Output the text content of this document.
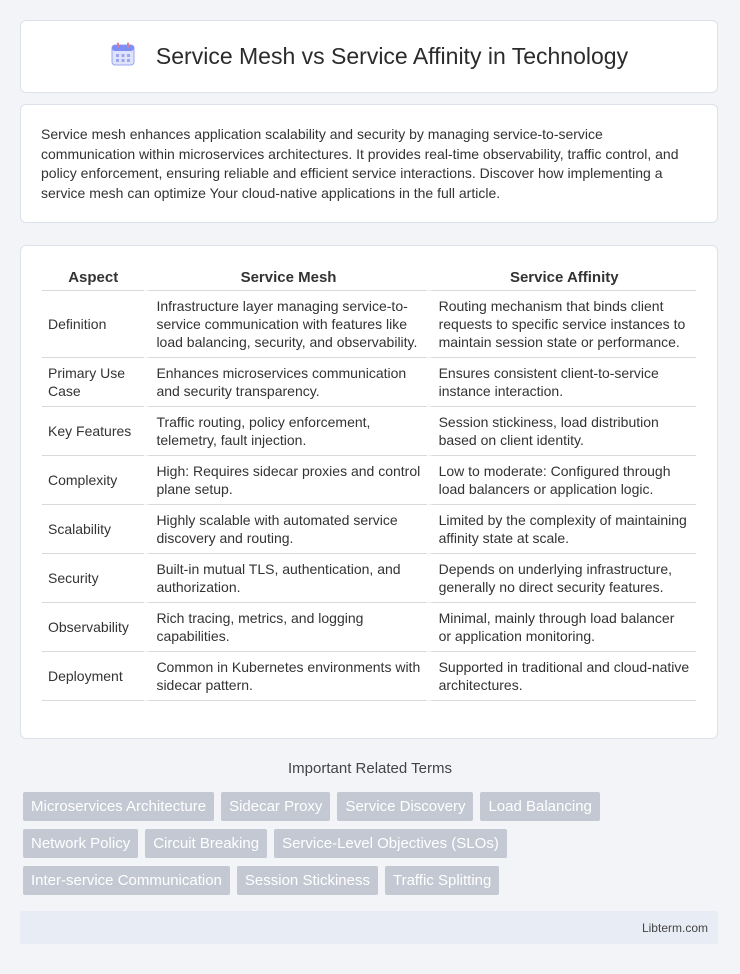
Service Mesh vs Service Affinity in Technology

Service mesh enhances application scalability and security by managing service-to-service communication within microservices architectures. It provides real-time observability, traffic control, and policy enforcement, ensuring reliable and efficient service interactions. Discover how implementing a service mesh can optimize Your cloud-native applications in the full article.

Aspect	Service Mesh	Service Affinity
Definition	Infrastructure layer managing service-to-service communication with features like load balancing, security, and observability.	Routing mechanism that binds client requests to specific service instances to maintain session state or performance.
Primary Use Case	Enhances microservices communication and security transparency.	Ensures consistent client-to-service instance interaction.
Key Features	Traffic routing, policy enforcement, telemetry, fault injection.	Session stickiness, load distribution based on client identity.
Complexity	High: Requires sidecar proxies and control plane setup.	Low to moderate: Configured through load balancers or application logic.
Scalability	Highly scalable with automated service discovery and routing.	Limited by the complexity of maintaining affinity state at scale.
Security	Built-in mutual TLS, authentication, and authorization.	Depends on underlying infrastructure, generally no direct security features.
Observability	Rich tracing, metrics, and logging capabilities.	Minimal, mainly through load balancer or application monitoring.
Deployment	Common in Kubernetes environments with sidecar pattern.	Supported in traditional and cloud-native architectures.
Important Related Terms
Microservices Architecture	Sidecar Proxy	Service Discovery	Load Balancing
Network Policy	Circuit Breaking	Service-Level Objectives (SLOs)
Inter-service Communication	Session Stickiness	Traffic Splitting
Libterm.com
